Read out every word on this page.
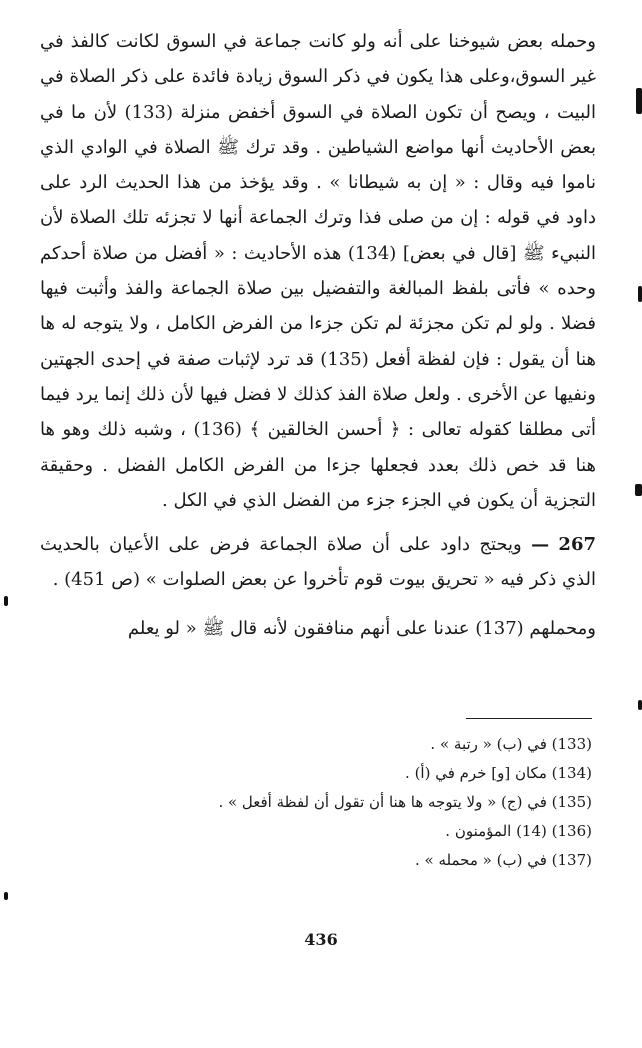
وحمله بعض شيوخنا على أنه ولو كانت جماعة في السوق لكانت كالفذ في غير السوق،وعلى هذا يكون في ذكر السوق زيادة فائدة على ذكر الصلاة في البيت ، ويصح أن تكون الصلاة في السوق أخفض منزلة (133) لأن ما في بعض الأحاديث أنها مواضع الشياطين . وقد ترك ﷺ الصلاة في الوادي الذي ناموا فيه وقال : « إن به شيطانا » . وقد يؤخذ من هذا الحديث الرد على داود في قوله : إن من صلى فذا وترك الجماعة أنها لا تجزئه تلك الصلاة لأن النبيء ﷺ [قال في بعض] (134) هذه الأحاديث : « أفضل من صلاة أحدكم وحده » فأتى بلفظ المبالغة والتفضيل بين صلاة الجماعة والفذ وأثبت فيها فضلا . ولو لم تكن مجزئة لم تكن جزءا من الفرض الكامل ، ولا يتوجه له ها هنا أن يقول : فإن لفظة أفعل (135) قد ترد لإثبات صفة في إحدى الجهتين ونفيها عن الأخرى . ولعل صلاة الفذ كذلك لا فضل فيها لأن ذلك إنما يرد فيما أتى مطلقا كقوله تعالى : ﴿ أحسن الخالقين ﴾ (136) ، وشبه ذلك وهو ها هنا قد خص ذلك بعدد فجعلها جزءا من الفرض الكامل الفضل . وحقيقة التجزية أن يكون في الجزء جزء من الفضل الذي في الكل .

267 — ويحتج داود على أن صلاة الجماعة فرض على الأعيان بالحديث الذي ذكر فيه « تحريق بيوت قوم تأخروا عن بعض الصلوات » (ص 451) .

ومحملهم (137) عندنا على أنهم منافقون لأنه قال ﷺ « لو يعلم

(133) في (ب) « رتبة » .
(134) مكان [و] خرم في (أ) .
(135) في (ج) « ولا يتوجه ها هنا أن تقول أن لفظة أفعل » .
(136) (14) المؤمنون .
(137) في (ب) « محمله » .
436
